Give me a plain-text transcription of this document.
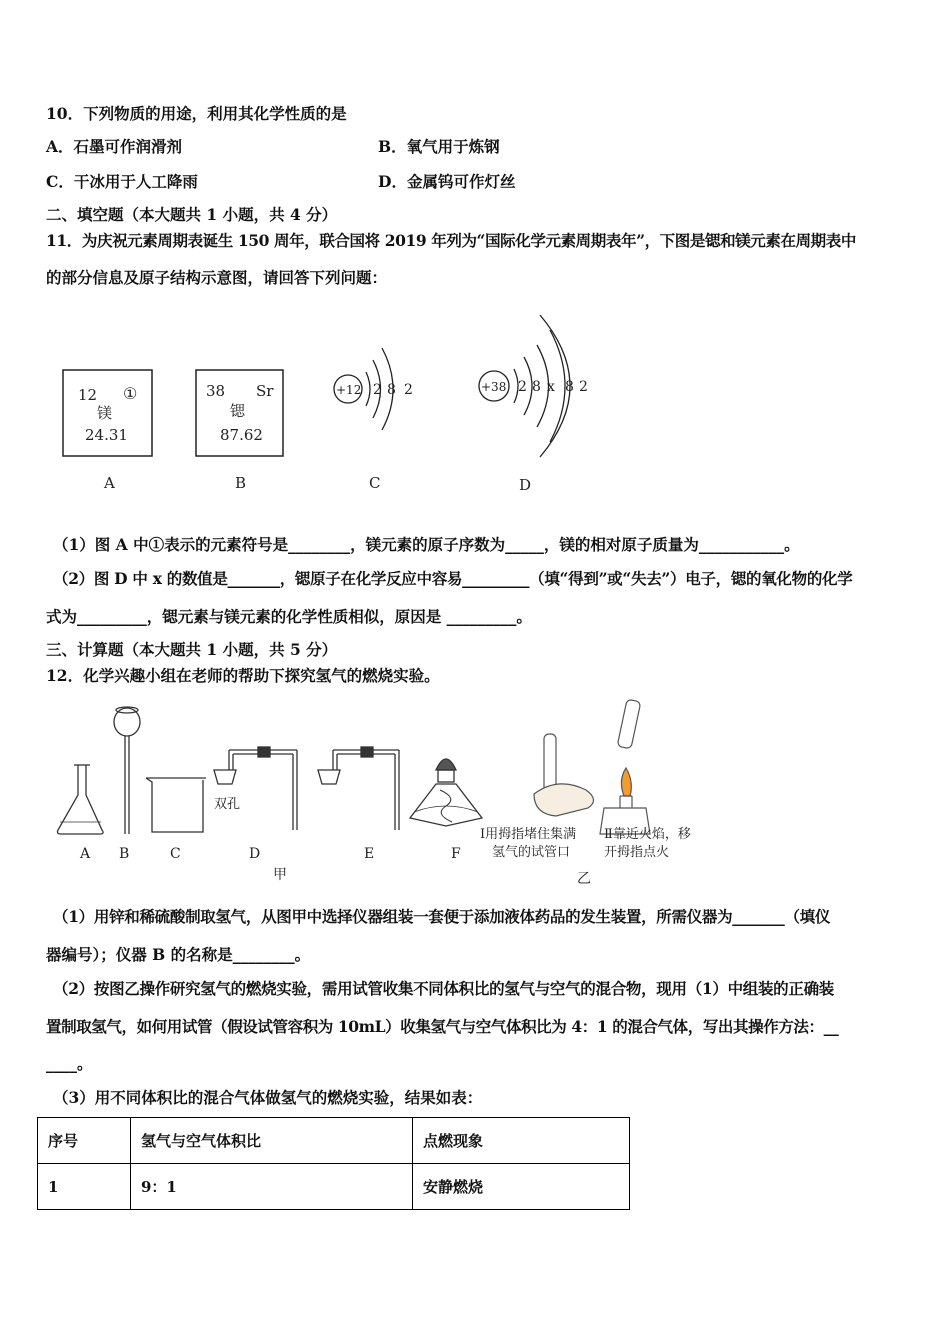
10．下列物质的用途，利用其化学性质的是
A．石墨可作润滑剂	B．氧气用于炼钢
C．干冰用于人工降雨	D．金属钨可作灯丝
二、填空题（本大题共 1 小题，共 4 分）
11．为庆祝元素周期表诞生 150 周年，联合国将 2019 年列为“国际化学元素周期表年”，下图是锶和镁元素在周期表中
的部分信息及原子结构示意图，请回答下列问题：
12 ①
镁
24.31
A
38 Sr
锶
87.62
B
+12 2 8 2
C
+38 2 8 x 8 2
D
A B	C	D	E	F
双孔
甲	乙
Ⅰ用拇指堵住集满
氢气的试管口
Ⅱ靠近火焰，移
开拇指点火
（1）图 A 中①表示的元素符号是________，镁元素的原子序数为_____，镁的相对原子质量为___________。
（2）图 D 中 x 的数值是_______，锶原子在化学反应中容易_________（填“得到”或“失去”）电子，锶的氧化物的化学
式为_________，锶元素与镁元素的化学性质相似，原因是 _________。
三、计算题（本大题共 1 小题，共 5 分）
12．化学兴趣小组在老师的帮助下探究氢气的燃烧实验。
（1）用锌和稀硫酸制取氢气，从图甲中选择仪器组装一套便于添加液体药品的发生装置，所需仪器为_______（填仪
器编号）；仪器 B 的名称是________。
（2）按图乙操作研究氢气的燃烧实验，需用试管收集不同体积比的氢气与空气的混合物，现用（1）中组装的正确装
置制取氢气，如何用试管（假设试管容积为 10mL）收集氢气与空气体积比为 4：1 的混合气体，写出其操作方法：__
____。
（3）用不同体积比的混合气体做氢气的燃烧实验，结果如表：
序号	氢气与空气体积比	点燃现象
1	9：1	安静燃烧
